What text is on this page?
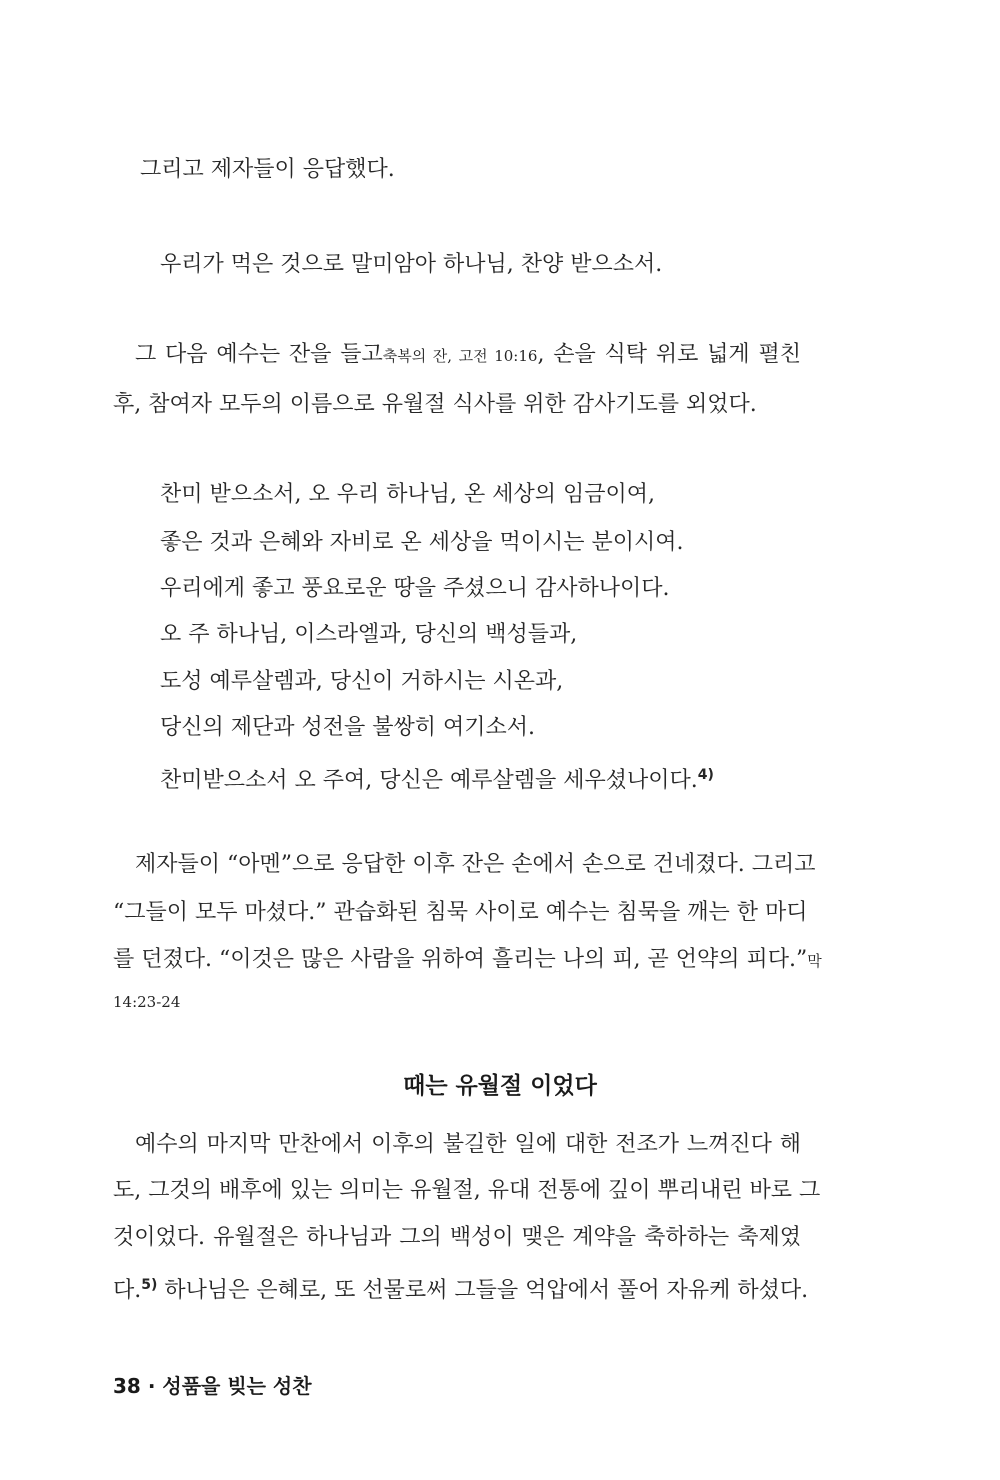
그리고 제자들이 응답했다.
우리가 먹은 것으로 말미암아 하나님, 찬양 받으소서.
  그 다음 예수는 잔을 들고축복의 잔, 고전 10:16, 손을 식탁 위로 넓게 펼친
후, 참여자 모두의 이름으로 유월절 식사를 위한 감사기도를 외었다.
찬미 받으소서, 오 우리 하나님, 온 세상의 임금이여,
좋은 것과 은혜와 자비로 온 세상을 먹이시는 분이시여.
우리에게 좋고 풍요로운 땅을 주셨으니 감사하나이다.
오 주 하나님, 이스라엘과, 당신의 백성들과,
도성 예루살렘과, 당신이 거하시는 시온과,
당신의 제단과 성전을 불쌍히 여기소서.
찬미받으소서 오 주여, 당신은 예루살렘을 세우셨나이다.$^{4)}$
  제자들이 “아멘”으로 응답한 이후 잔은 손에서 손으로 건네졌다. 그리고
“그들이 모두 마셨다.” 관습화된 침묵 사이로 예수는 침묵을 깨는 한 마디
를 던졌다. “이것은 많은 사람을 위하여 흘리는 나의 피, 곧 언약의 피다.”막
14:23-24
때는 유월절 이었다
  예수의 마지막 만찬에서 이후의 불길한 일에 대한 전조가 느껴진다 해
도, 그것의 배후에 있는 의미는 유월절, 유대 전통에 깊이 뿌리내린 바로 그
것이었다. 유월절은 하나님과 그의 백성이 맺은 계약을 축하하는 축제였
다.$^{5)}$ 하나님은 은혜로, 또 선물로써 그들을 억압에서 풀어 자유케 하셨다.
38 · 성품을 빚는 성찬
